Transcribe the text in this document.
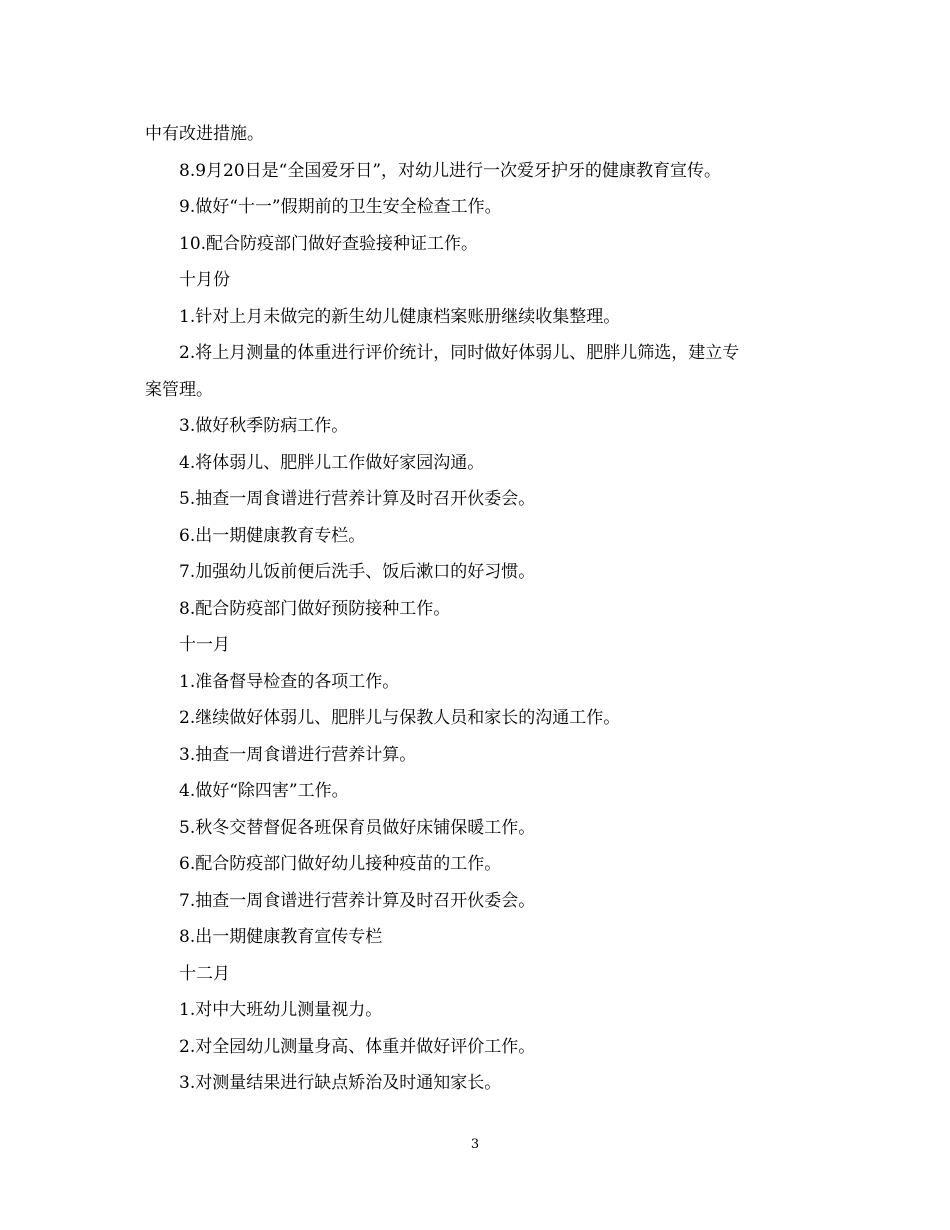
中有改进措施。

8.9月20日是“全国爱牙日”，对幼儿进行一次爱牙护牙的健康教育宣传。

9.做好“十一”假期前的卫生安全检查工作。

10.配合防疫部门做好查验接种证工作。

十月份

1.针对上月未做完的新生幼儿健康档案账册继续收集整理。

2.将上月测量的体重进行评价统计，同时做好体弱儿、肥胖儿筛选，建立专

案管理。

3.做好秋季防病工作。

4.将体弱儿、肥胖儿工作做好家园沟通。

5.抽查一周食谱进行营养计算及时召开伙委会。

6.出一期健康教育专栏。

7.加强幼儿饭前便后洗手、饭后漱口的好习惯。

8.配合防疫部门做好预防接种工作。

十一月

1.准备督导检查的各项工作。

2.继续做好体弱儿、肥胖儿与保教人员和家长的沟通工作。

3.抽查一周食谱进行营养计算。

4.做好“除四害”工作。

5.秋冬交替督促各班保育员做好床铺保暖工作。

6.配合防疫部门做好幼儿接种疫苗的工作。

7.抽查一周食谱进行营养计算及时召开伙委会。

8.出一期健康教育宣传专栏

十二月

1.对中大班幼儿测量视力。

2.对全园幼儿测量身高、体重并做好评价工作。

3.对测量结果进行缺点矫治及时通知家长。

3
